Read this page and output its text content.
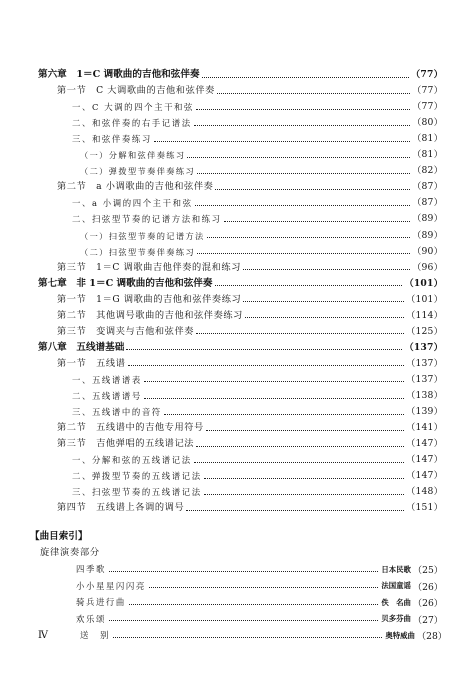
第六章　1＝C 调歌曲的吉他和弦伴奏	（77）
第一节　C 大调歌曲的吉他和弦伴奏	（77）
一、C 大调的四个主干和弦	（77）
二、和弦伴奏的右手记谱法	（80）
三、和弦伴奏练习	（81）
（一）分解和弦伴奏练习	（81）
（二）弹拨型节奏伴奏练习	（82）
第二节　a 小调歌曲的吉他和弦伴奏	（87）
一、a 小调的四个主干和弦	（87）
二、扫弦型节奏的记谱方法和练习	（89）
（一）扫弦型节奏的记谱方法	（89）
（二）扫弦型节奏伴奏练习	（90）
第三节　1＝C 调歌曲吉他伴奏的混和练习	（96）
第七章　非 1＝C 调歌曲的吉他和弦伴奏	（101）
第一节　1＝G 调歌曲的吉他和弦伴奏练习	（101）
第二节　其他调号歌曲的吉他和弦伴奏练习	（114）
第三节　变调夹与吉他和弦伴奏	（125）
第八章　五线谱基础	（137）
第一节　五线谱	（137）
一、五线谱谱表	（137）
二、五线谱谱号	（138）
三、五线谱中的音符	（139）
第二节　五线谱中的吉他专用符号	（141）
第三节　吉他弹唱的五线谱记法	（147）
一、分解和弦的五线谱记法	（147）
二、弹拨型节奏的五线谱记法	（147）
三、扫弦型节奏的五线谱记法	（148）
第四节　五线谱上各调的调号	（151）
【曲目索引】
旋律演奏部分
四季歌	日本民歌 （25）
小小星星闪闪亮	法国童谣 （26）
骑兵进行曲	佚　名曲 （26）
欢乐颂	贝多芬曲 （27）
送　别	奥特威曲 （28）
Ⅳ
